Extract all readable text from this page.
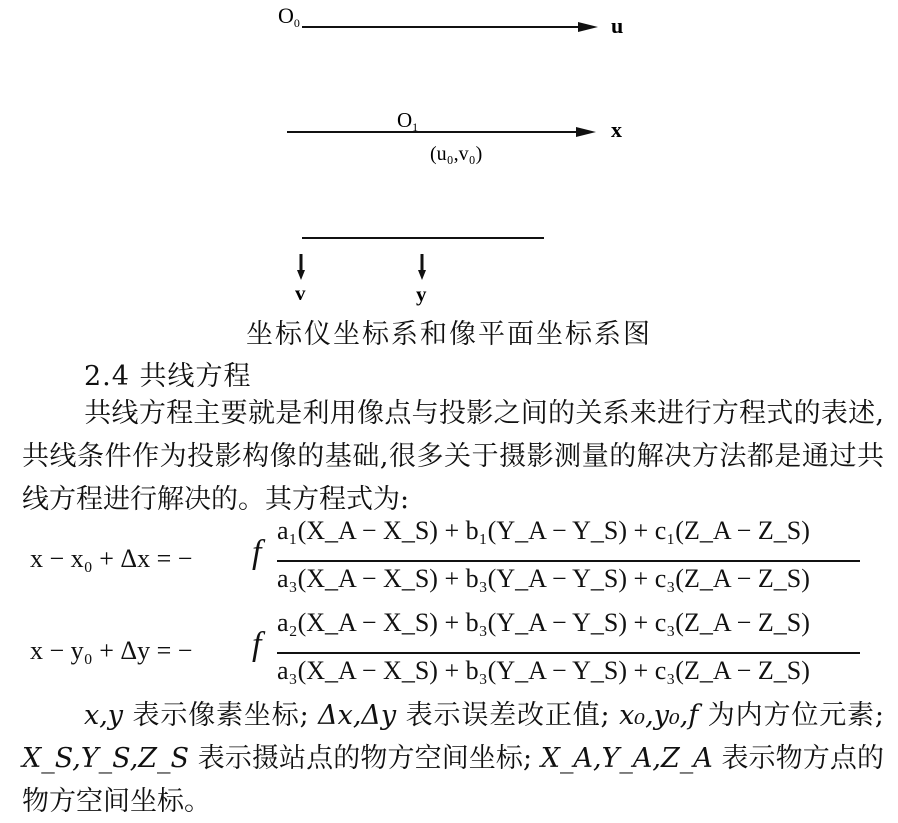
O0	u
O1	x
(u₀,v₀)
v	y
坐标仪坐标系和像平面坐标系图
2.4 共线方程
共线方程主要就是利用像点与投影之间的关系来进行方程式的表述,共线条件作为投影构像的基础,很多关于摄影测量的解决方法都是通过共线方程进行解决的。其方程式为:
x − x₀ + Δx = − f
a₁(X_A − X_S) + b₁(Y_A − Y_S) + c₁(Z_A − Z_S)
a₃(X_A − X_S) + b₃(Y_A − Y_S) + c₃(Z_A − Z_S)
x − y₀ + Δy = − f
a₂(X_A − X_S) + b₃(Y_A − Y_S) + c₃(Z_A − Z_S)
a₃(X_A − X_S) + b₃(Y_A − Y_S) + c₃(Z_A − Z_S)
x,y 表示像素坐标; Δx,Δy 表示误差改正值; x₀,y₀,f 为内方位元素; X_S,Y_S,Z_S 表示摄站点的物方空间坐标; X_A,Y_A,Z_A 表示物方点的物方空间坐标。
